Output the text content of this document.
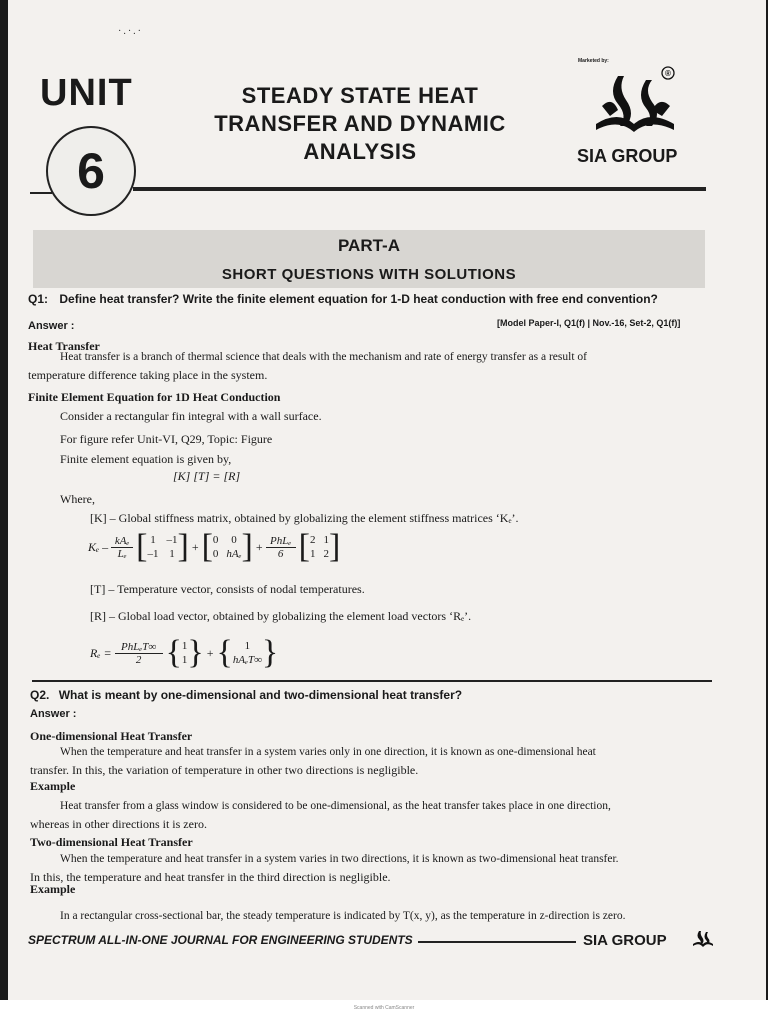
Scanned with CamScanner
·.·.·
UNIT
6
STEADY STATE HEAT
TRANSFER AND DYNAMIC
ANALYSIS
Marketed by:
®
SIA GROUP
PART-A
SHORT QUESTIONS WITH SOLUTIONS
Q1: Define heat transfer? Write the finite element equation for 1-D heat conduction with free end convention?
Answer :	[Model Paper-I, Q1(f) | Nov.-16, Set-2, Q1(f)]
Heat Transfer
Heat transfer is a branch of thermal science that deals with the mechanism and rate of energy transfer as a result of
temperature difference taking place in the system.
Finite Element Equation for 1D Heat Conduction
Consider a rectangular fin integral with a wall surface.
For figure refer Unit-VI, Q29, Topic: Figure
Finite element equation is given by,
[K] [T] = [R]
Where,
[K] – Global stiffness matrix, obtained by globalizing the element stiffness matrices ‘Kₑ’.
Kₑ – kAₑ
Lₑ [ 1 –1
–1 1 ] + [ 0	0
0 hAₑ ] + PhLₑ
6 [ 2 1
1 2 ]
[T] – Temperature vector, consists of nodal temperatures.
[R] – Global load vector, obtained by globalizing the element load vectors ‘Rₑ’.
Rₑ = PhLₑT∞
2 { 1
1 } + {	1
hAₑT∞ }
Q2. What is meant by one-dimensional and two-dimensional heat transfer?
Answer :
One-dimensional Heat Transfer
When the temperature and heat transfer in a system varies only in one direction, it is known as one-dimensional heat
transfer. In this, the variation of temperature in other two directions is negligible.
Example
Heat transfer from a glass window is considered to be one-dimensional, as the heat transfer takes place in one direction,
whereas in other directions it is zero.
Two-dimensional Heat Transfer
When the temperature and heat transfer in a system varies in two directions, it is known as two-dimensional heat transfer.
In this, the temperature and heat transfer in the third direction is negligible.
Example
In a rectangular cross-sectional bar, the steady temperature is indicated by T(x, y), as the temperature in z-direction is zero.
SPECTRUM ALL-IN-ONE JOURNAL FOR ENGINEERING STUDENTS	SIA GROUP
